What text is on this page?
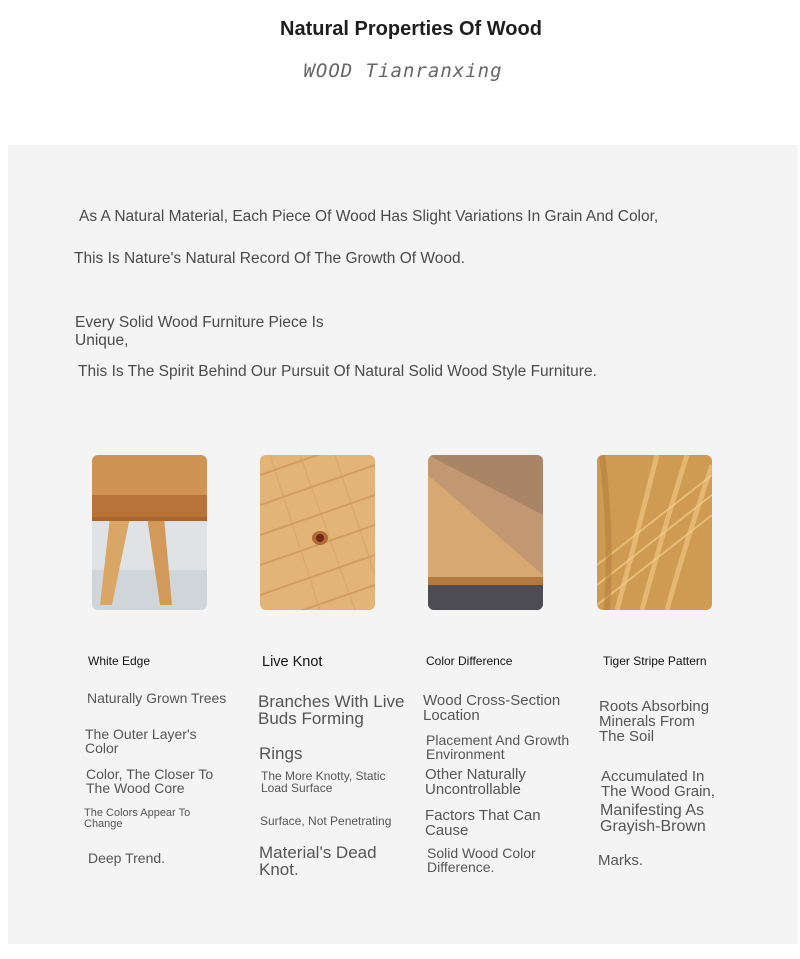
Natural Properties Of Wood
WOOD Tianranxing
As A Natural Material, Each Piece Of Wood Has Slight Variations In Grain And Color,
This Is Nature's Natural Record Of The Growth Of Wood.
Every Solid Wood Furniture Piece Is Unique,
This Is The Spirit Behind Our Pursuit Of Natural Solid Wood Style Furniture.
White Edge	Live Knot	Color Difference	Tiger Stripe Pattern
Naturally Grown Trees
The Outer Layer's Color
Color, The Closer To The Wood Core
The Colors Appear To Change
Deep Trend.
Branches With Live Buds Forming
Rings
The More Knotty, Static Load Surface
Surface, Not Penetrating
Material's Dead Knot.
Wood Cross-Section Location
Placement And Growth Environment
Other Naturally Uncontrollable
Factors That Can Cause
Solid Wood Color Difference.
Roots Absorbing Minerals From The Soil
Accumulated In The Wood Grain,
Manifesting As Grayish-Brown
Marks.
